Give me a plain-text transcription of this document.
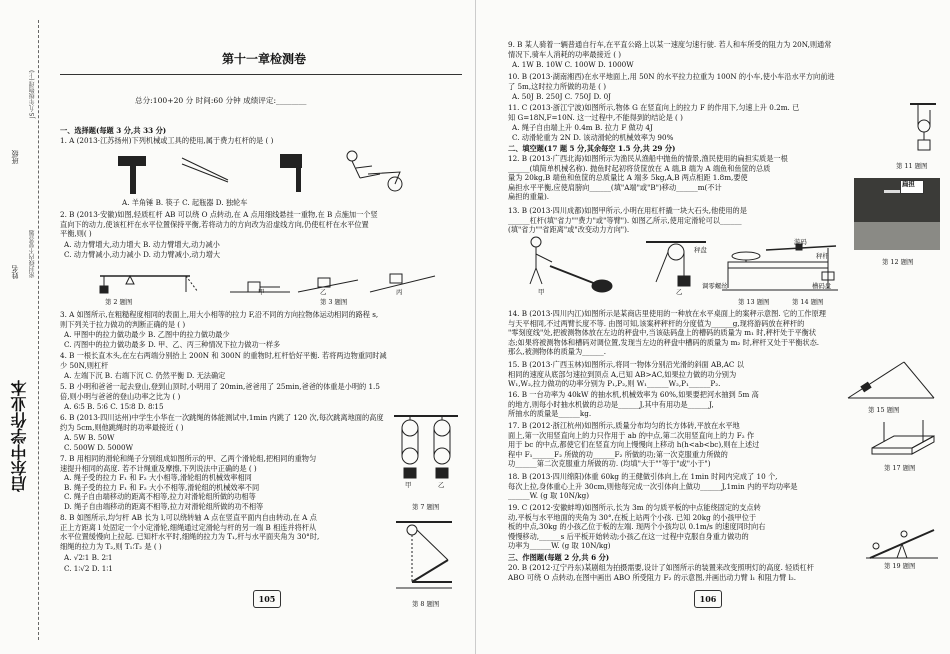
启东中学作业本
姓名
班级
密封线内不要答题
JS·九年级物理(上)
第十一章检测卷
总分:100+20 分 时间:60 分钟 成绩评定:________
一、选择题(每题 3 分,共 33 分)
1. A (2013·江苏扬州)下列机械或工具的使用,属于费力杠杆的是 ( )
A. 羊角锤 B. 筷子 C. 起瓶器 D. 独轮车
2. B (2013·安徽)如图,轻质杠杆 AB 可以绕 O 点转动,在 A 点用细线悬挂一重物,在 B 点施加一个竖
直向下的动力,使该杠杆在水平位置保持平衡,若将动力的方向改为沿虚线方向,仍使杠杆在水平位置
平衡,则( )
A. 动力臂增大,动力增大 B. 动力臂增大,动力减小
C. 动力臂减小,动力减小 D. 动力臂减小,动力增大
第 2 题图
甲	乙	丙
第 3 题图
3. A 如图所示,在粗糙程度相同的表面上,用大小相等的拉力 F,沿不同的方向拉物体运动相同的路程 s,
则下列关于拉力做功的判断正确的是 ( )
A. 甲图中的拉力做功最少 B. 乙图中的拉力做功最少
C. 丙图中的拉力做功最多 D. 甲、乙、丙三种情况下拉力做功一样多
4. B 一根长直木头,在左右两端分别抬上 200N 和 300N 的重物时,杠杆恰好平衡. 若将两边物重同时减
少 50N,则杠杆
A. 左端下沉 B. 右端下沉 C. 仍然平衡 D. 无法确定
5. B 小明和爸爸一起去登山,登到山顶时,小明用了 20min,爸爸用了 25min,爸爸的体重是小明的 1.5
倍,则小明与爸爸的登山功率之比为 ( )
A. 6∶5 B. 5∶6 C. 15∶8 D. 8∶15
6. B (2013·四川达州)中学生小华在一次跳绳的体能测试中,1min 内跳了 120 次,每次跳离地面的高度
约为 5cm,则他跳绳时的功率最接近 ( )
A. 5W B. 50W
C. 500W D. 5000W
7. B 用相同的滑轮和绳子分别组成如图所示的甲、乙两个滑轮组,把相同的重物匀
速提升相同的高度. 若不计绳重及摩擦,下列说法中正确的是 ( )
A. 绳子受的拉力 F₁ 和 F₂ 大小相等,滑轮组的机械效率相同
B. 绳子受的拉力 F₁ 和 F₂ 大小不相等,滑轮组的机械效率不同
C. 绳子自由端移动的距离不相等,拉力对滑轮组所做的功相等
D. 绳子自由端移动的距离不相等,拉力对滑轮组所做的功不相等
甲	乙
第 7 题图
8. B 如图所示,均匀杆 AB 长为 l,可以绕转轴 A 点在竖直平面内自由转动,在 A 点
正上方距离 l 处固定一个小定滑轮,细绳通过定滑轮与杆的另一端 B 相连并将杆从
水平位置缓慢向上拉起. 已知杆水平时,细绳的拉力为 T₁,杆与水平面夹角为 30°时,
细绳的拉力为 T₂,则 T₁∶T₂ 是 ( )
A. √2∶1 B. 2∶1
C. 1∶√2 D. 1∶1
第 8 题图
105
9. B 某人骑着一辆普通自行车,在平直公路上以某一速度匀速行驶. 若人和车所受的阻力为 20N,则通常
情况下,骑车人消耗的功率最接近 ( )
A. 1W B. 10W C. 100W D. 1000W
10. B (2013·湖南湘西)在水平地面上,用 50N 的水平拉力拉重为 100N 的小车,使小车沿水平方向前进
了 5m,这时拉力所做的功是 ( )
A. 50J B. 250J C. 750J D. 0J
11. C (2013·浙江宁波)如图所示,物体 G 在竖直向上的拉力 F 的作用下,匀速上升 0.2m. 已
知 G=18N,F=10N. 这一过程中,不能得到的结论是 ( )
A. 绳子自由端上升 0.4m B. 拉力 F 做功 4J
C. 动滑轮重为 2N D. 该动滑轮的机械效率为 90%
第 11 题图
二、填空题(17 题 5 分,其余每空 1.5 分,共 29 分)
12. B (2013·广西北海)如图所示为渔民从渔船中抛鱼的情景,渔民使用的扁担实质是一根
______(填简单机械名称). 抛鱼时起初将货筐放在 A 端,B 端为 A 端鱼和鱼筐的总质
量为 20kg,B 端鱼和鱼筐的总质量比 A 端多 5kg,A,B 两点相距 1.8m,要使
扁担水平平衡,应使肩膀向______(填"A端"或"B")移动______m(不计
扁担的重量).
扁担
第 12 题图
13. B (2013·四川成都)如图甲所示,小明在用杠杆撬一块大石头,他使用的是
______杠杆(填"省力""费力"或"等臂"). 如图乙所示,使用定滑轮可以______
(填"省力""省距离"或"改变动力方向").
甲	乙
第 13 题图
秤盘
游码
秤杆
调零螺丝	槽码盘
第 14 题图
14. B (2013·四川内江)如图所示是某商店里使用的一种放在水平桌面上的案秤示意图. 它的工作原理
与天平相同,不过两臂长度不等. 由图可知,该案秤秤杆的分度值为______g,现将游码放在秤杆的
"零刻度线"处,把被测物体放在左边的秤盘中,当该砝码盘上的槽码的质量为 m₁ 时,秤杆处于平衡状
态;如果将被测物体和槽码对调位置,发现当左边的秤盘中槽码的质量为 m₂ 时,秤杆又处于平衡状态.
那么,被测物体的质量为______.
15. B (2013·广西玉林)如图所示,将同一物体分别沿光滑的斜面 AB,AC 以
相同的速度从底部匀速拉到顶点 A,已知 AB>AC,如果拉力做的功分别为
W₁,W₂,拉力做功的功率分别为 P₁,P₂,则 W₁______W₂,P₁______P₂.
16. B 一台功率为 40kW 的抽水机,机械效率为 60%,如果要把河水抽到 5m 高
的地方,则每小时抽水机做的总功是______J,其中有用功是______J,
所抽水的质量是______kg.	第 15 题图
17. B (2012·浙江杭州)如图所示,质量分布均匀的长方体砖,平放在水平地
面上,第一次用竖直向上的力只作用于 ab 的中点,第二次用竖直向上的力 F₂ 作
用于 bc 的中点,都使它们在竖直方向上慢慢向上移动 h(h<ab<bc),则在上述过
程中 F₁______F₂ 所做的功______F₂ 所做的功;第一次克服重力所做的
功______第二次克服重力所做的功. (均填"大于""等于"或"小于")	第 17 题图
18. B (2013·四川绵阳)体重 60kg 的王健做引体向上,在 1min 时间内完成了 10 个,
每次上拉,身体重心上升 30cm,则他每完成一次引体向上做功______J,1min 内的平均功率是
______W. (g 取 10N/kg)
19. C (2012·安徽蚌埠)如图所示,长为 3m 的匀质平板的中点能绕固定的支点转
动,平板与水平地面的夹角为 30°,在板上站两个小孩. 已知 20kg 的小孩甲位于
板的中点,30kg 的小孩乙位于板的左端. 现两个小孩均以 0.1m/s 的速度同时向右
慢慢移动,______s 后平板开始转动;小孩乙在这一过程中克服自身重力做功的
功率为______W. (g 取 10N/kg)
第 19 题图
三、作图题(每题 2 分,共 6 分)
20. B (2012·辽宁丹东)某剧组为拍摄需要,设计了如图所示的装置来改变照明灯的高度. 轻质杠杆
ABO 可绕 O 点转动,在图中画出 ABO 所受阻力 F₂ 的示意图,并画出动力臂 l₁ 和阻力臂 l₂.
106
